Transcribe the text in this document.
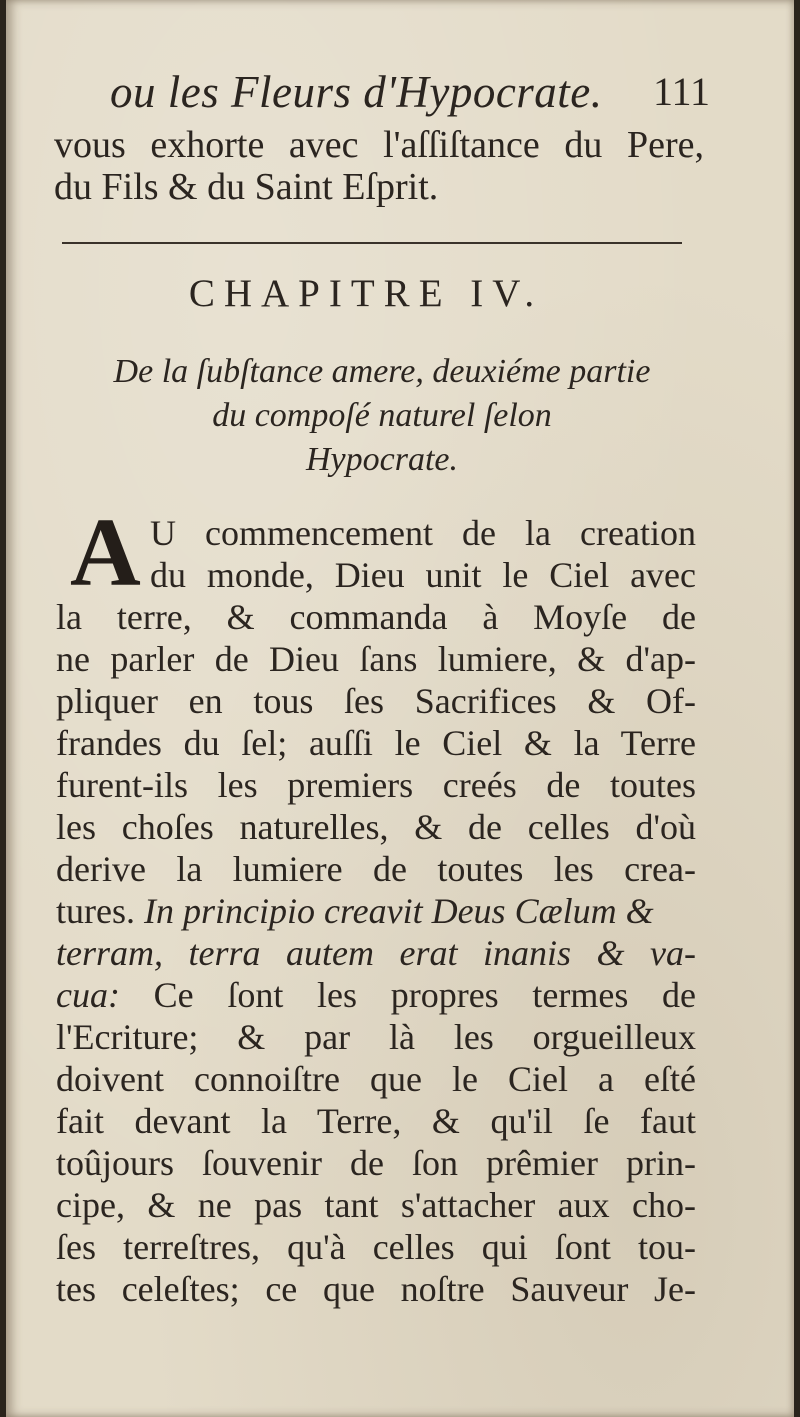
ou les Fleurs d'Hypocrate. 111
vous exhorte avec l'aſſiſtance du Pere,
du Fils & du Saint Eſprit.
CHAPITRE IV.
De la ſubſtance amere, deuxiéme partie
du compoſé naturel ſelon
Hypocrate.
A U commencement de la creation
du monde, Dieu unit le Ciel avec
la terre, & commanda à Moyſe de
ne parler de Dieu ſans lumiere, & d'ap-
pliquer en tous ſes Sacrifices & Of-
frandes du ſel; auſſi le Ciel & la Terre
furent-ils les premiers creés de toutes
les choſes naturelles, & de celles d'où
derive la lumiere de toutes les crea-
tures. In principio creavit Deus Cælum &
terram, terra autem erat inanis & va-
cua: Ce ſont les propres termes de
l'Ecriture; & par là les orgueilleux
doivent connoiſtre que le Ciel a eſté
fait devant la Terre, & qu'il ſe faut
toûjours ſouvenir de ſon prêmier prin-
cipe, & ne pas tant s'attacher aux cho-
ſes terreſtres, qu'à celles qui ſont tou-
tes celeſtes; ce que noſtre Sauveur Je-
